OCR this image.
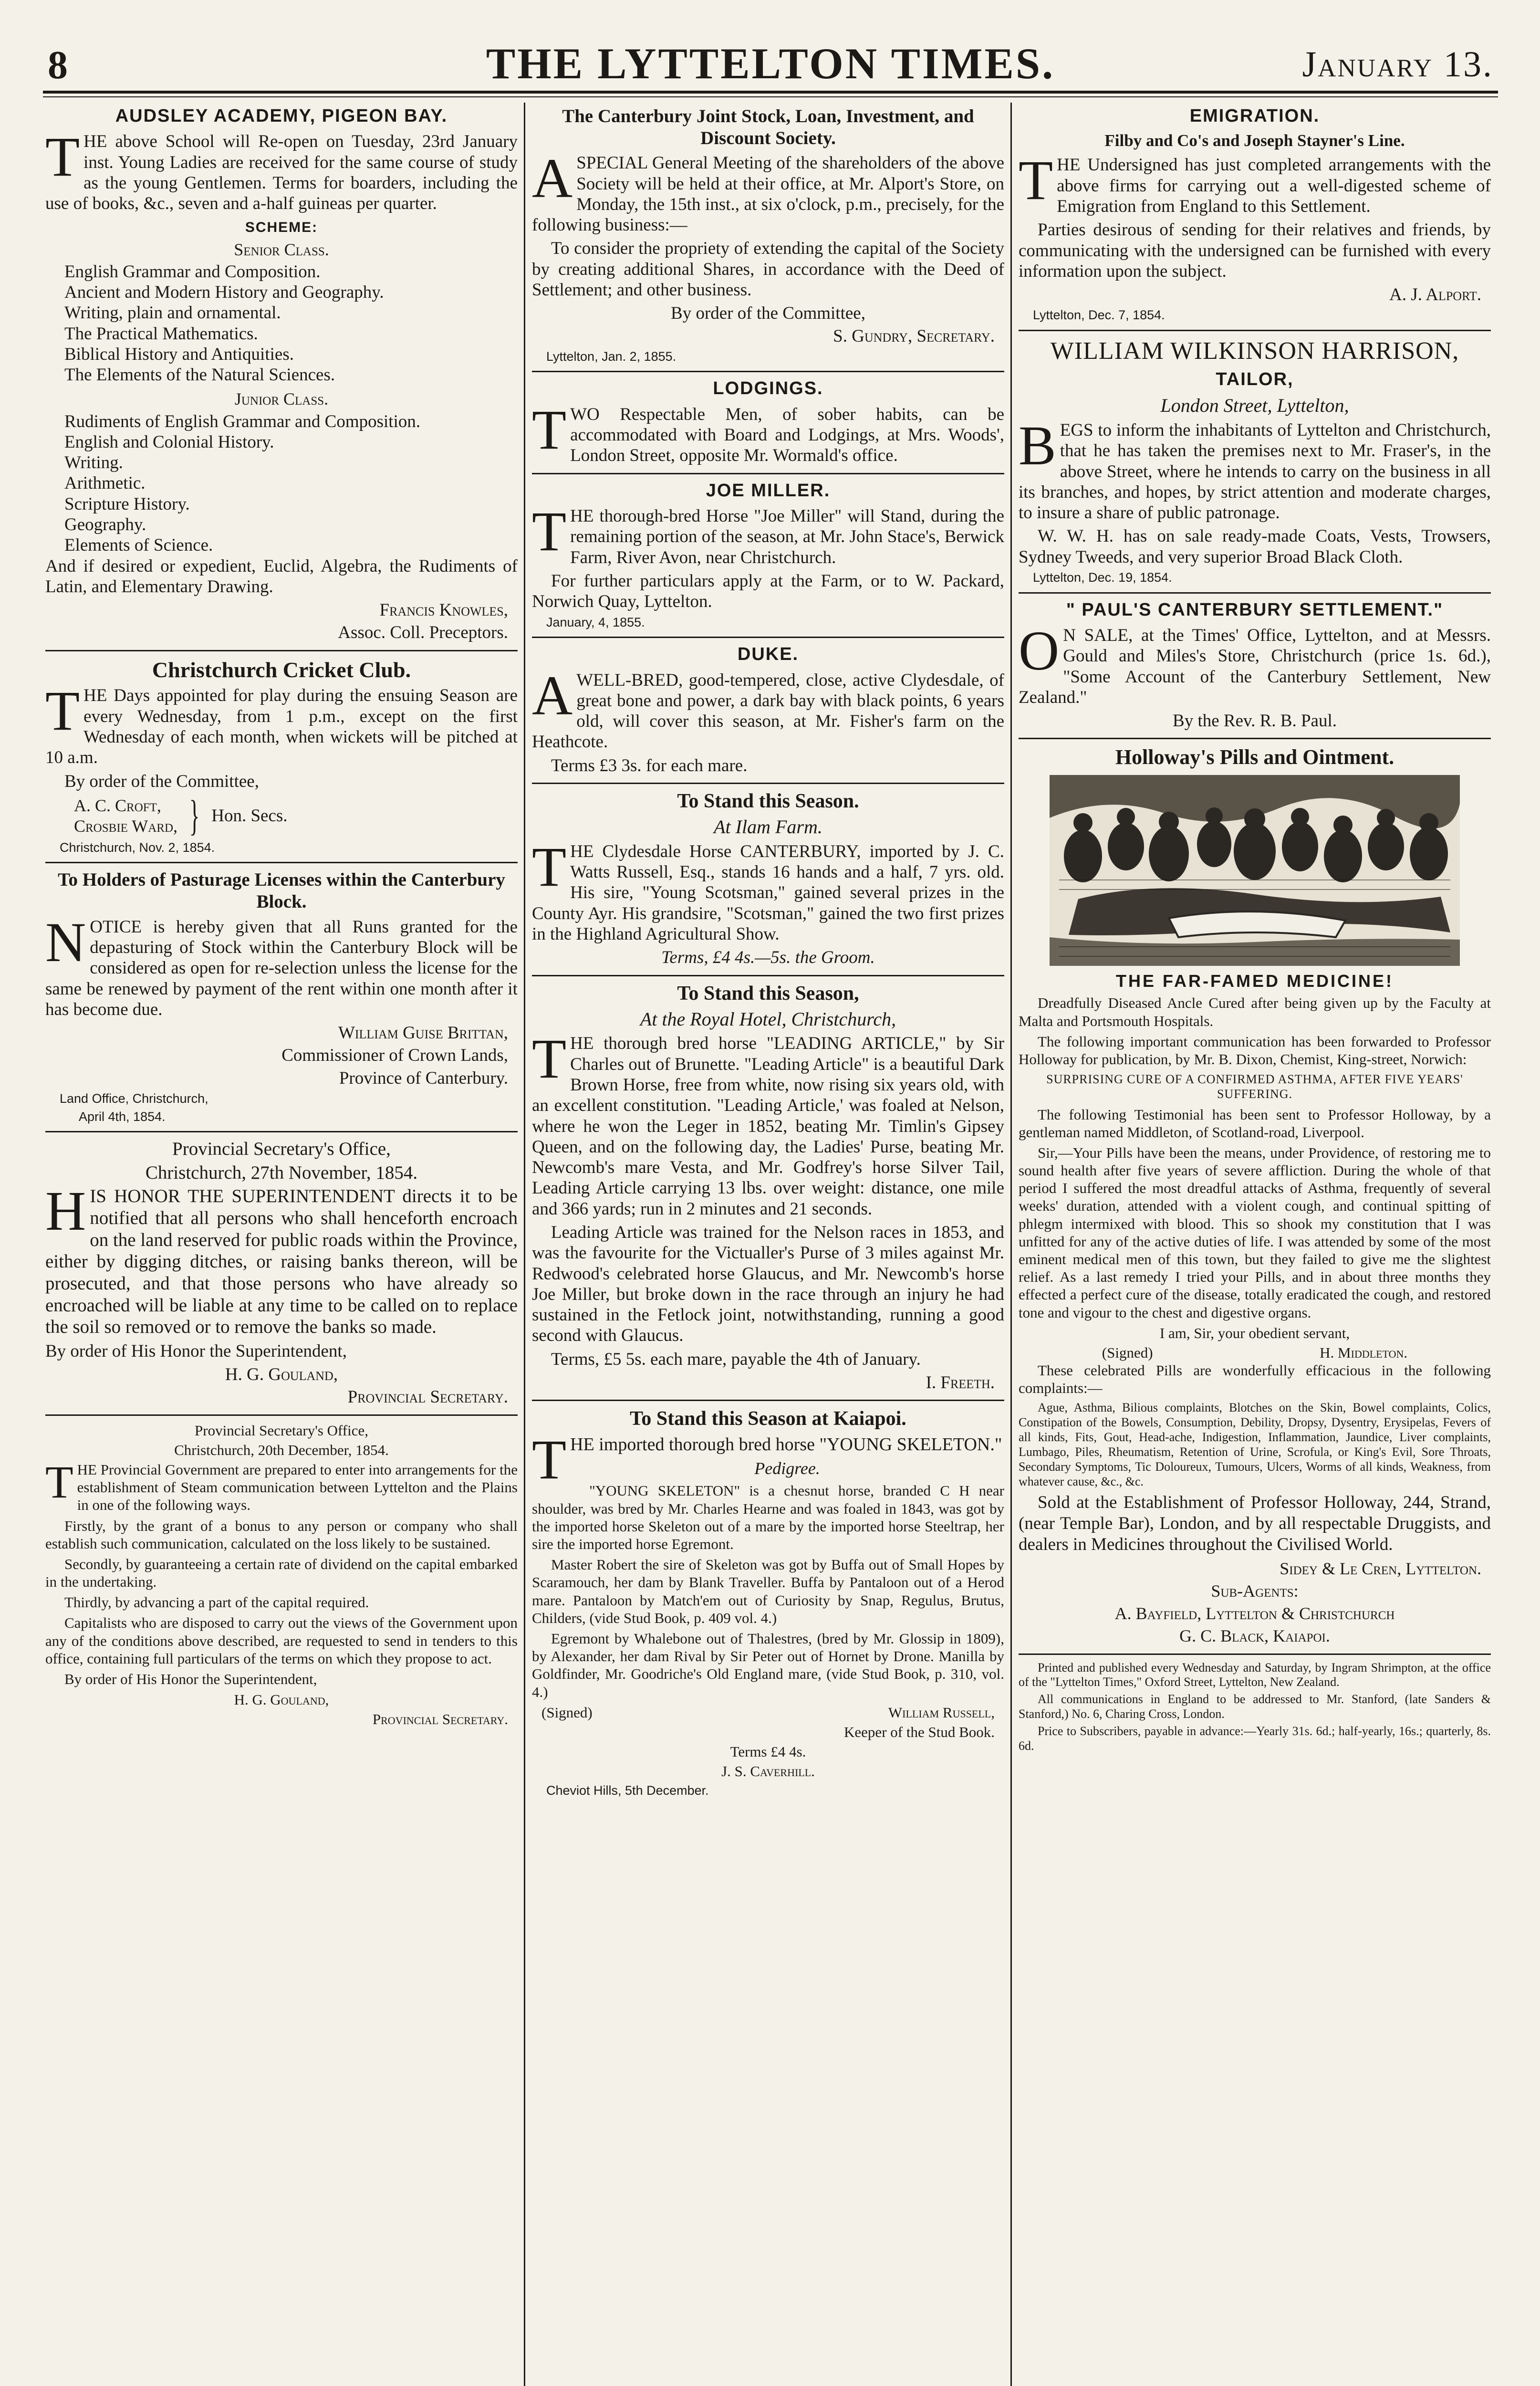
8	THE LYTTELTON TIMES.	January 13.
AUDSLEY ACADEMY, PIGEON BAY.

THE above School will Re-open on Tuesday, 23rd January inst. Young Ladies are received for the same course of study as the young Gentlemen. Terms for boarders, including the use of books, &c., seven and a-half guineas per quarter.

SCHEME:
Senior Class.
English Grammar and Composition.
Ancient and Modern History and Geography.
Writing, plain and ornamental.
The Practical Mathematics.
Biblical History and Antiquities.
The Elements of the Natural Sciences.
Junior Class.
Rudiments of English Grammar and Composition.
English and Colonial History.
Writing.
Arithmetic.
Scripture History.
Geography.
Elements of Science.

And if desired or expedient, Euclid, Algebra, the Rudiments of Latin, and Elementary Drawing.

Francis Knowles,
Assoc. Coll. Preceptors.
Christchurch Cricket Club.

THE Days appointed for play during the ensuing Season are every Wednesday, from 1 p.m., except on the first Wednesday of each month, when wickets will be pitched at 10 a.m.

By order of the Committee,

A. C. Croft,
Crosbie Ward, } Hon. Secs.
Christchurch, Nov. 2, 1854.
To Holders of Pasturage Licenses within the Canterbury Block.

NOTICE is hereby given that all Runs granted for the depasturing of Stock within the Canterbury Block will be considered as open for re-selection unless the license for the same be renewed by payment of the rent within one month after it has become due.

William Guise Brittan,
Commissioner of Crown Lands,
Province of Canterbury.
Land Office, Christchurch,
April 4th, 1854.
Provincial Secretary's Office,
Christchurch, 27th November, 1854.

HIS HONOR THE SUPERINTENDENT directs it to be notified that all persons who shall henceforth encroach on the land reserved for public roads within the Province, either by digging ditches, or raising banks thereon, will be prosecuted, and that those persons who have already so encroached will be liable at any time to be called on to replace the soil so removed or to remove the banks so made.

By order of His Honor the Superintendent,

H. G. Gouland,
Provincial Secretary.
Provincial Secretary's Office,
Christchurch, 20th December, 1854.

THE Provincial Government are prepared to enter into arrangements for the establishment of Steam communication between Lyttelton and the Plains in one of the following ways.

Firstly, by the grant of a bonus to any person or company who shall establish such communication, calculated on the loss likely to be sustained.

Secondly, by guaranteeing a certain rate of dividend on the capital embarked in the undertaking.

Thirdly, by advancing a part of the capital required.

Capitalists who are disposed to carry out the views of the Government upon any of the conditions above described, are requested to send in tenders to this office, containing full particulars of the terms on which they propose to act.

By order of His Honor the Superintendent,

H. G. Gouland,
Provincial Secretary.
The Canterbury Joint Stock, Loan, Investment, and Discount Society.

ASPECIAL General Meeting of the shareholders of the above Society will be held at their office, at Mr. Alport's Store, on Monday, the 15th inst., at six o'clock, p.m., precisely, for the following business:—

To consider the propriety of extending the capital of the Society by creating additional Shares, in accordance with the Deed of Settlement; and other business.

By order of the Committee,
S. Gundry, Secretary.
Lyttelton, Jan. 2, 1855.
LODGINGS.

TWO Respectable Men, of sober habits, can be accommodated with Board and Lodgings, at Mrs. Woods', London Street, opposite Mr. Wormald's office.

JOE MILLER.

THE thorough-bred Horse "Joe Miller" will Stand, during the remaining portion of the season, at Mr. John Stace's, Berwick Farm, River Avon, near Christchurch.

For further particulars apply at the Farm, or to W. Packard, Norwich Quay, Lyttelton.

January, 4, 1855.
DUKE.

AWELL-BRED, good-tempered, close, active Clydesdale, of great bone and power, a dark bay with black points, 6 years old, will cover this season, at Mr. Fisher's farm on the Heathcote.

Terms £3 3s. for each mare.

To Stand this Season.
At Ilam Farm.

THE Clydesdale Horse CANTERBURY, imported by J. C. Watts Russell, Esq., stands 16 hands and a half, 7 yrs. old. His sire, "Young Scotsman," gained several prizes in the County Ayr. His grandsire, "Scotsman," gained the two first prizes in the Highland Agricultural Show.

Terms, £4 4s.—5s. the Groom.
To Stand this Season,
At the Royal Hotel, Christchurch,

THE thorough bred horse "LEADING ARTICLE," by Sir Charles out of Brunette. "Leading Article" is a beautiful Dark Brown Horse, free from white, now rising six years old, with an excellent constitution. "Leading Article,' was foaled at Nelson, where he won the Leger in 1852, beating Mr. Timlin's Gipsey Queen, and on the following day, the Ladies' Purse, beating Mr. Newcomb's mare Vesta, and Mr. Godfrey's horse Silver Tail, Leading Article carrying 13 lbs. over weight: distance, one mile and 366 yards; run in 2 minutes and 21 seconds.

Leading Article was trained for the Nelson races in 1853, and was the favourite for the Victualler's Purse of 3 miles against Mr. Redwood's celebrated horse Glaucus, and Mr. Newcomb's horse Joe Miller, but broke down in the race through an injury he had sustained in the Fetlock joint, notwithstanding, running a good second with Glaucus.

Terms, £5 5s. each mare, payable the 4th of January.

I. Freeth.
To Stand this Season at Kaiapoi.

THE imported thorough bred horse "YOUNG SKELETON."

Pedigree.

"YOUNG SKELETON" is a chesnut horse, branded C H near shoulder, was bred by Mr. Charles Hearne and was foaled in 1843, was got by the imported horse Skeleton out of a mare by the imported horse Steeltrap, her sire the imported horse Egremont.

Master Robert the sire of Skeleton was got by Buffa out of Small Hopes by Scaramouch, her dam by Blank Traveller. Buffa by Pantaloon out of a Herod mare. Pantaloon by Match'em out of Curiosity by Snap, Regulus, Brutus, Childers, (vide Stud Book, p. 409 vol. 4.)

Egremont by Whalebone out of Thalestres, (bred by Mr. Glossip in 1809), by Alexander, her dam Rival by Sir Peter out of Hornet by Drone. Manilla by Goldfinder, Mr. Goodriche's Old England mare, (vide Stud Book, p. 310, vol. 4.)

(Signed)	William Russell,
Keeper of the Stud Book.
Terms £4 4s.
J. S. Caverhill.
Cheviot Hills, 5th December.
EMIGRATION.
Filby and Co's and Joseph Stayner's Line.

THE Undersigned has just completed arrangements with the above firms for carrying out a well-digested scheme of Emigration from England to this Settlement.

Parties desirous of sending for their relatives and friends, by communicating with the undersigned can be furnished with every information upon the subject.

A. J. Alport.
Lyttelton, Dec. 7, 1854.
WILLIAM WILKINSON HARRISON,
TAILOR,
London Street, Lyttelton,

BEGS to inform the inhabitants of Lyttelton and Christchurch, that he has taken the premises next to Mr. Fraser's, in the above Street, where he intends to carry on the business in all its branches, and hopes, by strict attention and moderate charges, to insure a share of public patronage.

W. W. H. has on sale ready-made Coats, Vests, Trowsers, Sydney Tweeds, and very superior Broad Black Cloth.

Lyttelton, Dec. 19, 1854.
" PAUL'S CANTERBURY SETTLEMENT."

O N SALE, at the Times' Office, Lyttelton, and at Messrs. Gould and Miles's Store, Christchurch (price 1s. 6d.), "Some Account of the Canterbury Settlement, New Zealand."

By the Rev. R. B. Paul.
Holloway's Pills and Ointment.
THE FAR-FAMED MEDICINE!

Dreadfully Diseased Ancle Cured after being given up by the Faculty at Malta and Portsmouth Hospitals.

The following important communication has been forwarded to Professor Holloway for publication, by Mr. B. Dixon, Chemist, King-street, Norwich:

SURPRISING CURE OF A CONFIRMED ASTHMA, AFTER FIVE YEARS' SUFFERING.

The following Testimonial has been sent to Professor Holloway, by a gentleman named Middleton, of Scotland-road, Liverpool.

Sir,—Your Pills have been the means, under Providence, of restoring me to sound health after five years of severe affliction. During the whole of that period I suffered the most dreadful attacks of Asthma, frequently of several weeks' duration, attended with a violent cough, and continual spitting of phlegm intermixed with blood. This so shook my constitution that I was unfitted for any of the active duties of life. I was attended by some of the most eminent medical men of this town, but they failed to give me the slightest relief. As a last remedy I tried your Pills, and in about three months they effected a perfect cure of the disease, totally eradicated the cough, and restored tone and vigour to the chest and digestive organs.

I am, Sir, your obedient servant,
(Signed)	H. Middleton.

These celebrated Pills are wonderfully efficacious in the following complaints:—

Ague, Asthma, Bilious complaints, Blotches on the Skin, Bowel complaints, Colics, Constipation of the Bowels, Consumption, Debility, Dropsy, Dysentry, Erysipelas, Fevers of all kinds, Fits, Gout, Head-ache, Indigestion, Inflammation, Jaundice, Liver complaints, Lumbago, Piles, Rheumatism, Retention of Urine, Scrofula, or King's Evil, Sore Throats, Secondary Symptoms, Tic Doloureux, Tumours, Ulcers, Worms of all kinds, Weakness, from whatever cause, &c., &c.

Sold at the Establishment of Professor Holloway, 244, Strand, (near Temple Bar), London, and by all respectable Druggists, and dealers in Medicines throughout the Civilised World.

Sidey & Le Cren, Lyttelton.
Sub-Agents:
A. Bayfield, Lyttelton & Christchurch
G. C. Black, Kaiapoi.

Printed and published every Wednesday and Saturday, by Ingram Shrimpton, at the office of the "Lyttelton Times," Oxford Street, Lyttelton, New Zealand.

All communications in England to be addressed to Mr. Stanford, (late Sanders & Stanford,) No. 6, Charing Cross, London.

Price to Subscribers, payable in advance:—Yearly 31s. 6d.; half-yearly, 16s.; quarterly, 8s. 6d.
